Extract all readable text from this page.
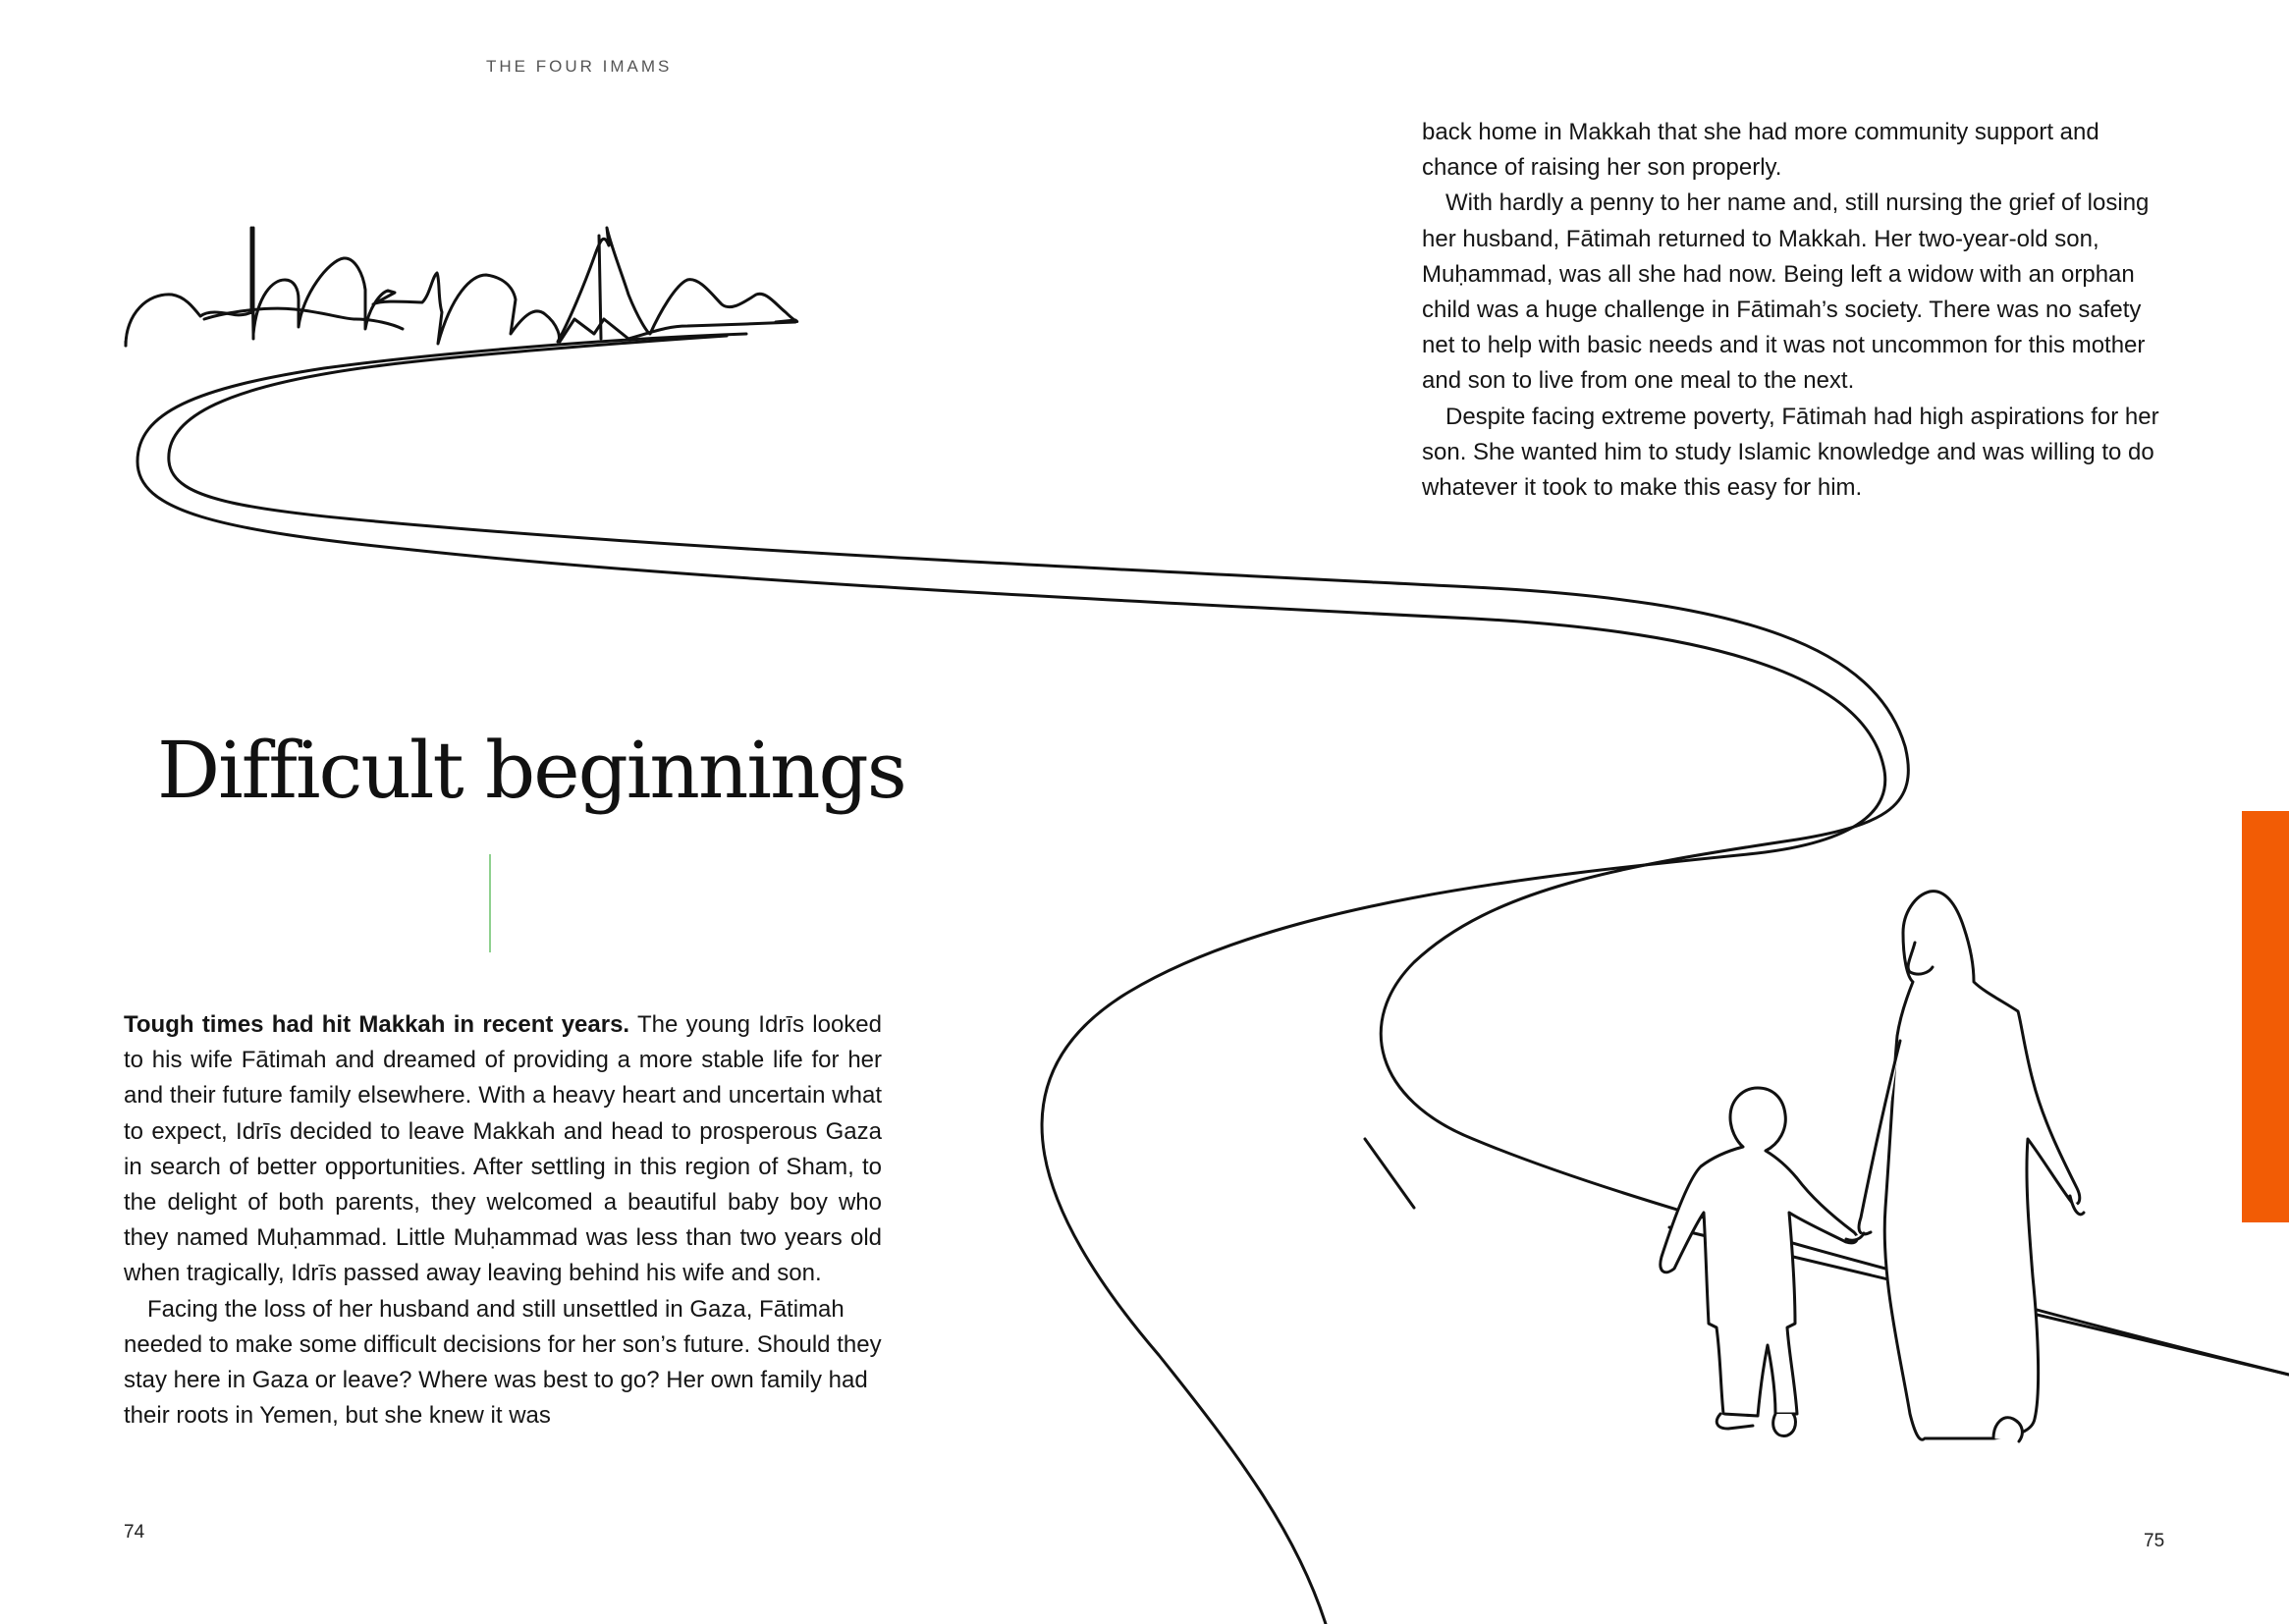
THE FOUR IMAMS
Difficult beginnings

Tough times had hit Makkah in recent years. The young Idrīs looked to his wife Fātimah and dreamed of providing a more stable life for her and their future family elsewhere. With a heavy heart and uncertain what to expect, Idrīs decided to leave Makkah and head to prosperous Gaza in search of better opportunities. After settling in this region of Sham, to the delight of both parents, they welcomed a beautiful baby boy who they named Muḥammad. Little Muḥammad was less than two years old when tragically, Idrīs passed away leaving behind his wife and son.

Facing the loss of her husband and still unsettled in Gaza, Fātimah needed to make some difficult decisions for her son’s future. Should they stay here in Gaza or leave? Where was best to go? Her own family had their roots in Yemen, but she knew it was

back home in Makkah that she had more community support and chance of raising her son properly.

With hardly a penny to her name and, still nursing the grief of losing her husband, Fātimah returned to Makkah. Her two-year-old son, Muḥammad, was all she had now. Being left a widow with an orphan child was a huge challenge in Fātimah’s society. There was no safety net to help with basic needs and it was not uncommon for this mother and son to live from one meal to the next.

Despite facing extreme poverty, Fātimah had high aspirations for her son. She wanted him to study Islamic knowledge and was willing to do whatever it took to make this easy for him.

74	75
